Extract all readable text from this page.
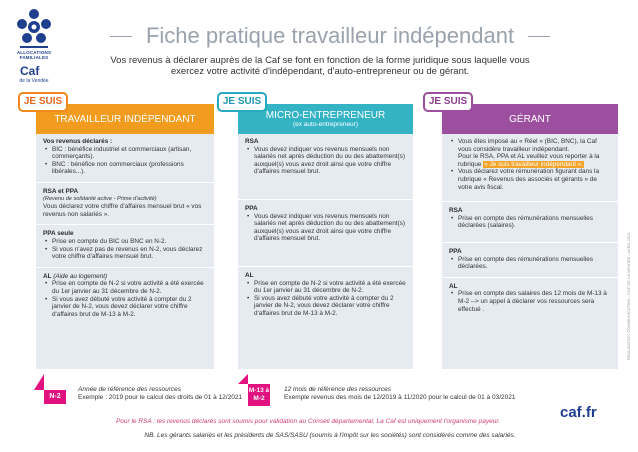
ALLOCATIONS FAMILIALES
Caf
de la Vendée
Fiche pratique travailleur indépendant

Vos revenus à déclarer auprès de la Caf se font en fonction de la forme juridique sous laquelle vous exercez votre activité d'indépendant, d'auto-entrepreneur ou de gérant.

TRAVAILLEUR INDÉPENDANT
Vos revenus déclarés :
• BIC : bénéfice industriel et commerciaux (artisan, commerçants).
• BNC : bénéfice non commerciaux (professions libérales...).
RSA et PPA
(Revenu de solidarité active - Prime d'activité)
Vous déclarez votre chiffre d'affaires mensuel brut « vos revenus non salariés ».
PPA seule
• Prise en compte du BIC ou BNC en N-2.
• Si vous n'avez pas de revenus en N-2, vous déclarez votre chiffre d'affaires mensuel brut.
AL (Aide au logement)
• Prise en compte de N-2 si votre activité a été exercée du 1er janvier au 31 décembre de N-2.
• Si vous avez débuté votre activité à compter du 2 janvier de N-2, vous devez déclarer votre chiffre d'affaires brut de M-13 à M-2.
MICRO-ENTREPRENEUR
(ex auto-entrepreneur)
RSA
• Vous devez indiquer vos revenus mensuels non salariés net après déduction du ou des abattement(s) auxquel(s) vous avez droit ainsi que votre chiffre d'affaires mensuel brut.
PPA
• Vous devez indiquer vos revenus mensuels non salariés net après déduction du ou des abattement(s) auxquel(s) vous avez droit ainsi que votre chiffre d'affaires mensuel brut.
AL
• Prise en compte de N-2 si votre activité a été exercée du 1er janvier au 31 décembre de N-2.
• Si vous avez débuté votre activité à compter du 2 janvier de N-2, vous devez déclarer votre chiffre d'affaires brut de M-13 à M-2.
GÉRANT
• Vous êtes imposé au « Réel » (BIC, BNC), la Caf vous considère travailleur indépendant.
Pour le RSA, PPA et AL veuillez vous reporter à la rubrique « Je suis travailleur indépendant ».
• Vous déclarez votre rémunération figurant dans la rubrique « Revenus des associés et gérants » de votre avis fiscal.
RSA
• Prise en compte des rémunérations mensuelles déclarées (salaires).
PPA
• Prise en compte des rémunérations mensuelles déclarées.
AL
• Prise en compte des salaires des 12 mois de M-13 à M-2 --> un appel à déclarer vos ressources sera effectué .
JE SUIS	JE SUIS	JE SUIS
N-2
Année de référence des ressources
Exemple : 2019 pour le calcul des droits de 01 à 12/2021
M-13 à M-2
12 mois de référence des ressources
Exemple revenus des mois de 12/2019 à 11/2020 pour le calcul de 01 à 03/2021

Pour le RSA : les revenus déclarés sont soumis pour validation au Conseil départemental. La Caf est uniquement l'organisme payeur.

NB. Les gérants salariés et les présidents de SAS/SASU (soumis à l'impôt sur les sociétés) sont considérés comme des salariés.

caf.fr
RÉALISATION COMMUNICATION - CAF DE LA VENDÉE - AVRIL 2021
